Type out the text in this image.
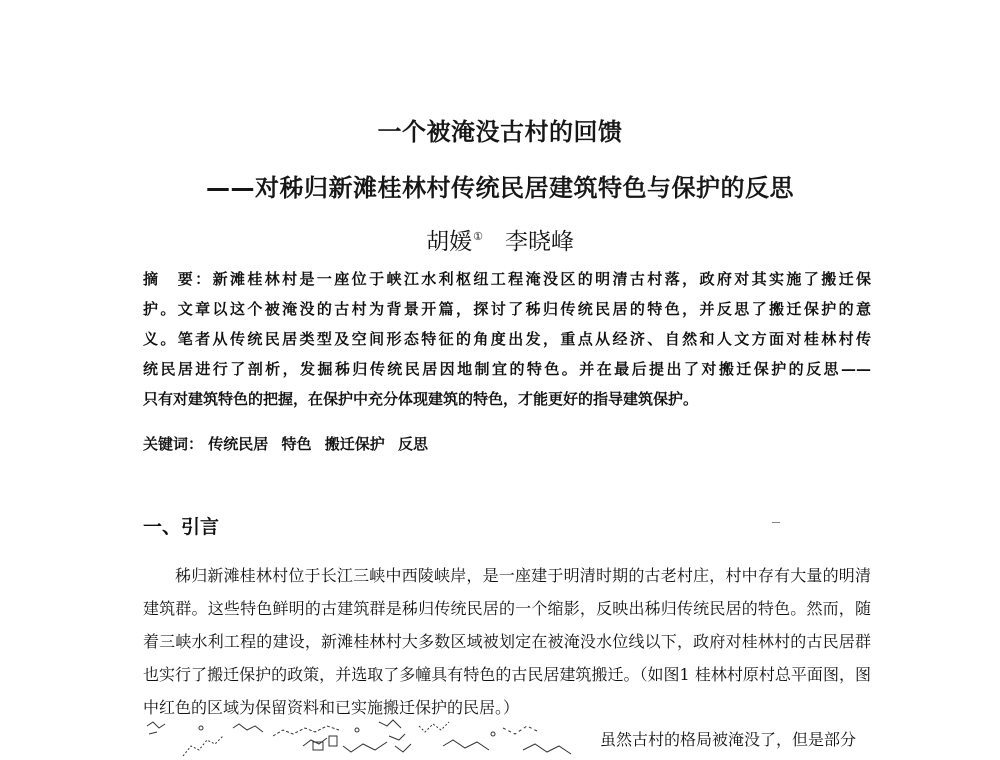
一个被淹没古村的回馈
——对秭归新滩桂林村传统民居建筑特色与保护的反思
胡媛① 李晓峰
摘　要：新滩桂林村是一座位于峡江水利枢纽工程淹没区的明清古村落，政府对其实施了搬迁保
护。文章以这个被淹没的古村为背景开篇，探讨了秭归传统民居的特色，并反思了搬迁保护的意
义。笔者从传统民居类型及空间形态特征的角度出发，重点从经济、自然和人文方面对桂林村传
统民居进行了剖析，发掘秭归传统民居因地制宜的特色。并在最后提出了对搬迁保护的反思——
只有对建筑特色的把握，在保护中充分体现建筑的特色，才能更好的指导建筑保护。
关键词： 传统民居 特色 搬迁保护 反思
一、引言

秭归新滩桂林村位于长江三峡中西陵峡岸，是一座建于明清时期的古老村庄，村中存有大量的明清建筑群。这些特色鲜明的古建筑群是秭归传统民居的一个缩影，反映出秭归传统民居的特色。然而，随着三峡水利工程的建设，新滩桂林村大多数区域被划定在被淹没水位线以下，政府对桂林村的古民居群也实行了搬迁保护的政策，并选取了多幢具有特色的古民居建筑搬迁。（如图1 桂林村原村总平面图，图中红色的区域为保留资料和已实施搬迁保护的民居。）

虽然古村的格局被淹没了，但是部分
